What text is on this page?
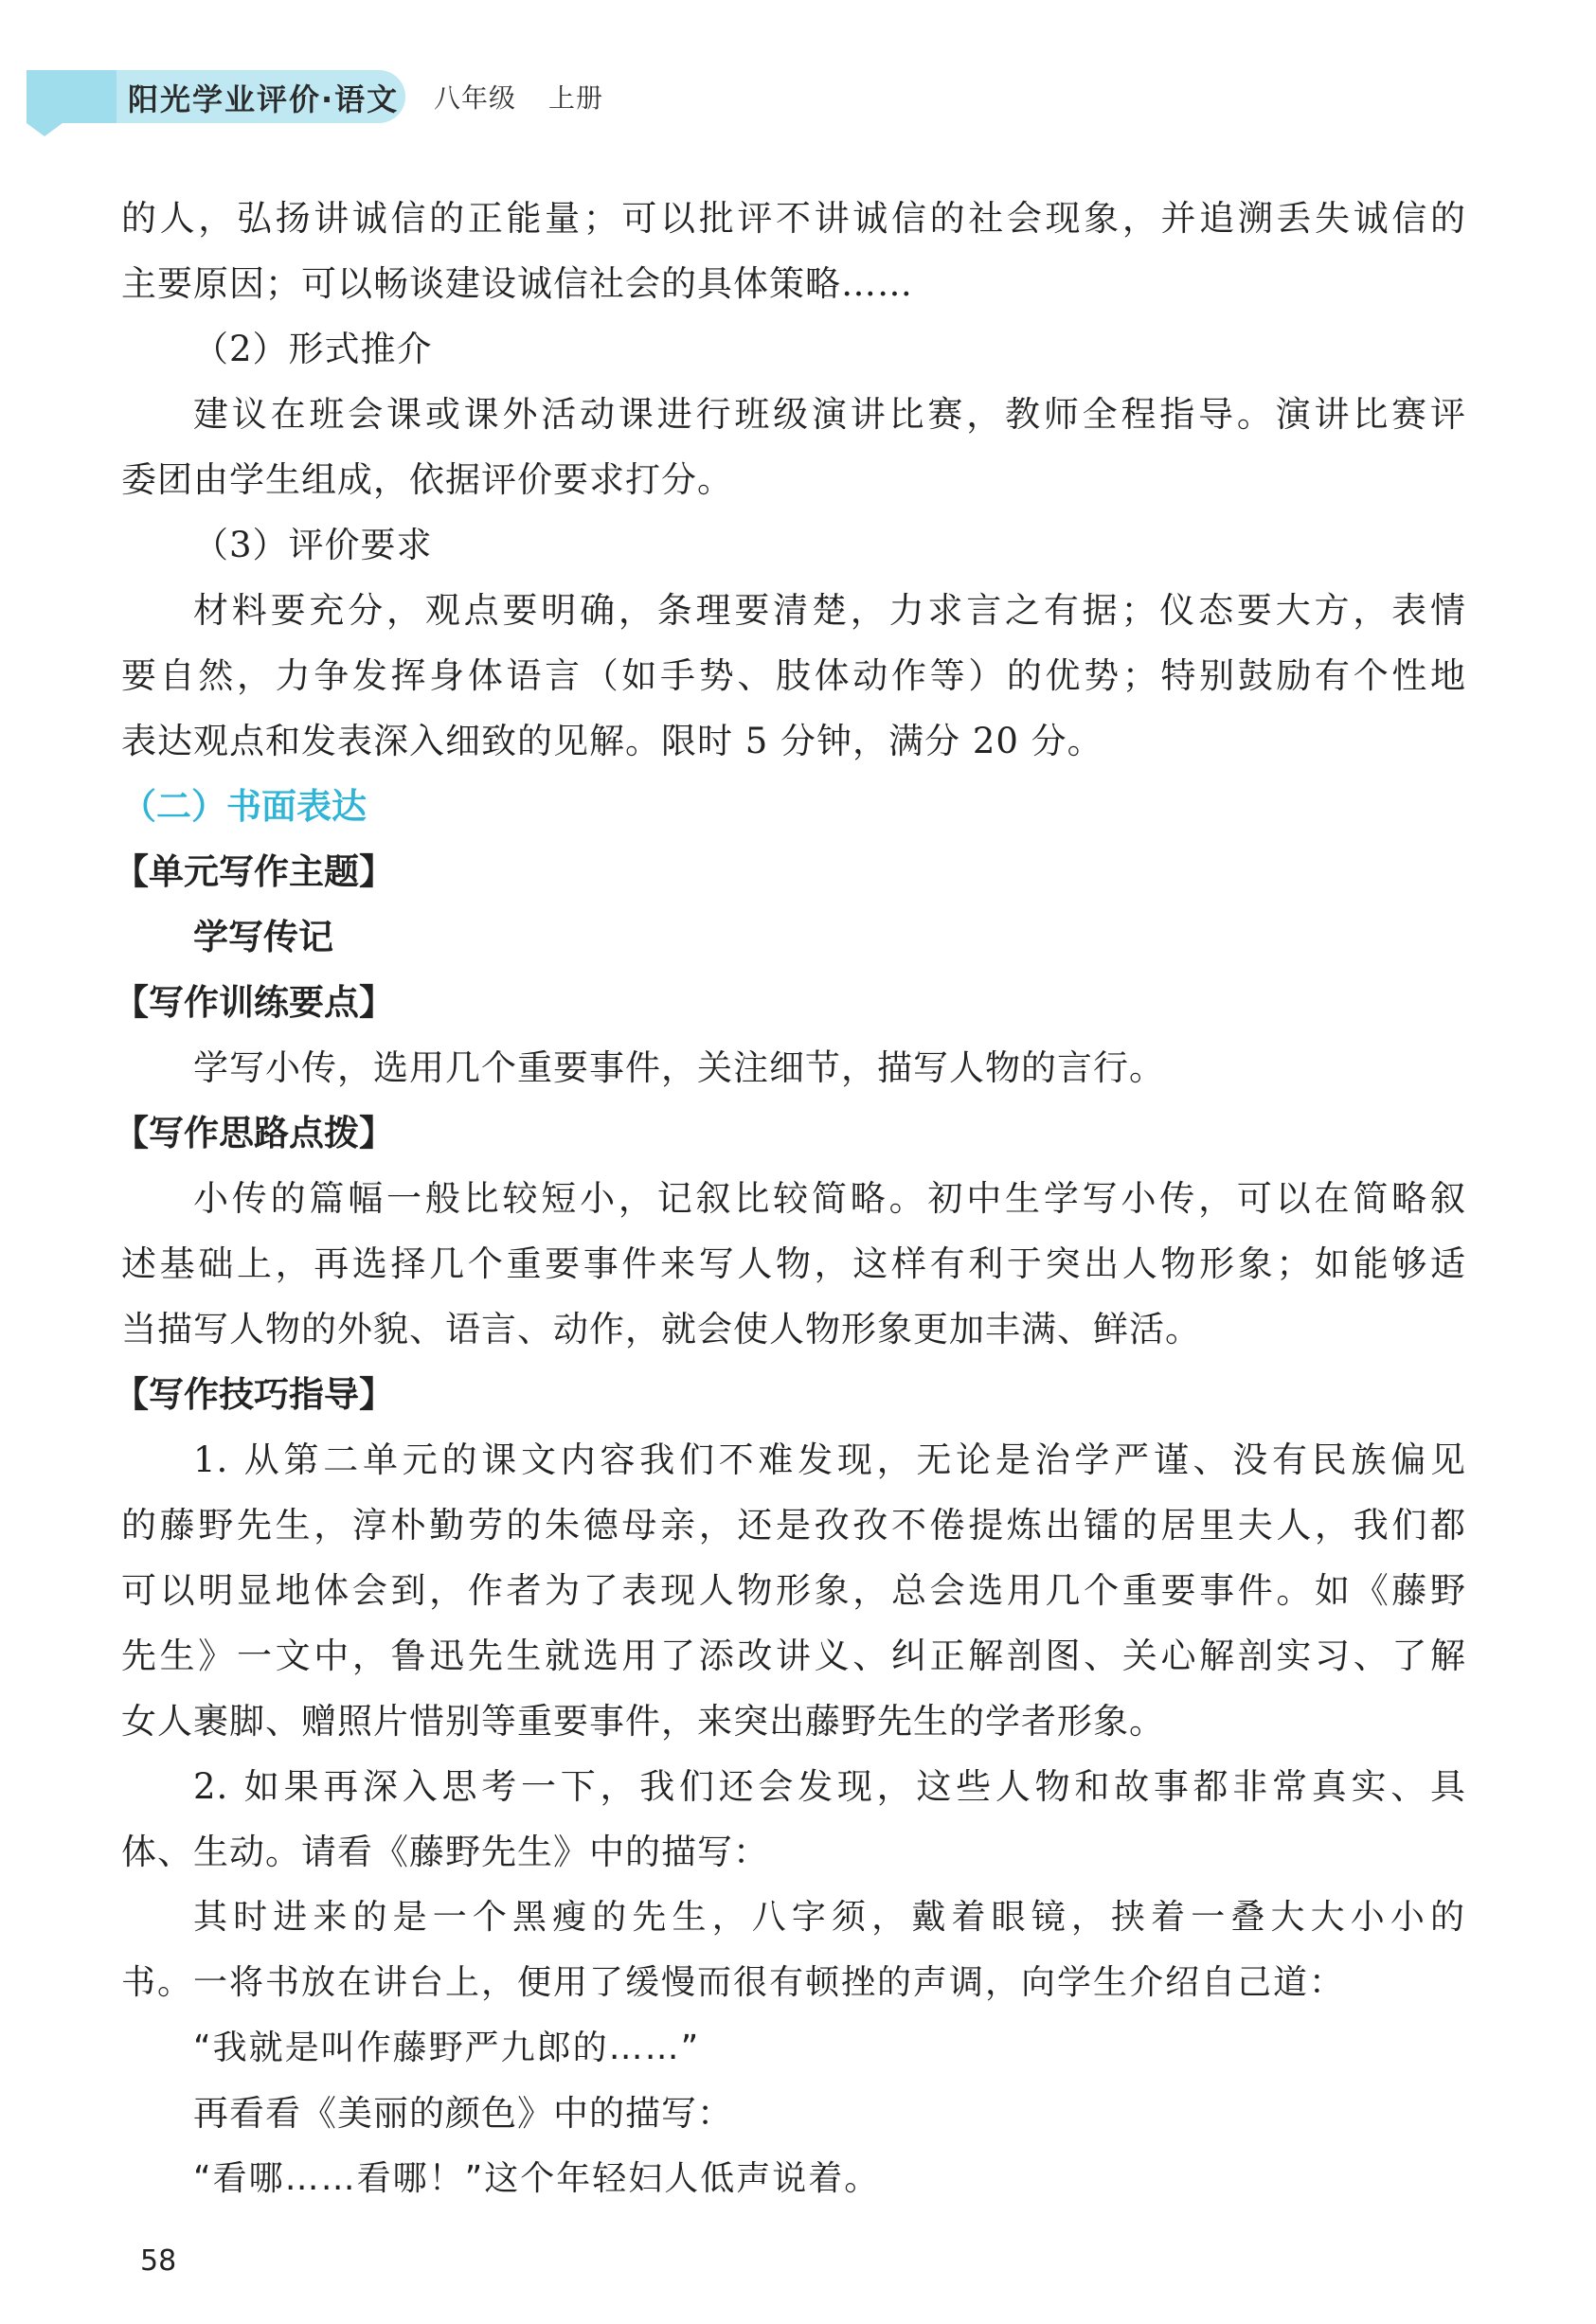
阳光学业评价·语文 八年级 上册
的人，弘扬讲诚信的正能量；可以批评不讲诚信的社会现象，并追溯丢失诚信的
主要原因；可以畅谈建设诚信社会的具体策略……
（2）形式推介
建议在班会课或课外活动课进行班级演讲比赛，教师全程指导。演讲比赛评
委团由学生组成，依据评价要求打分。
（3）评价要求
材料要充分，观点要明确，条理要清楚，力求言之有据；仪态要大方，表情
要自然，力争发挥身体语言（如手势、肢体动作等）的优势；特别鼓励有个性地
表达观点和发表深入细致的见解。限时 5 分钟，满分 20 分。
（二）书面表达
【单元写作主题】
学写传记
【写作训练要点】
学写小传，选用几个重要事件，关注细节，描写人物的言行。
【写作思路点拨】
小传的篇幅一般比较短小，记叙比较简略。初中生学写小传，可以在简略叙
述基础上，再选择几个重要事件来写人物，这样有利于突出人物形象；如能够适
当描写人物的外貌、语言、动作，就会使人物形象更加丰满、鲜活。
【写作技巧指导】
1. 从第二单元的课文内容我们不难发现，无论是治学严谨、没有民族偏见
的藤野先生，淳朴勤劳的朱德母亲，还是孜孜不倦提炼出镭的居里夫人，我们都
可以明显地体会到，作者为了表现人物形象，总会选用几个重要事件。如《藤野
先生》一文中，鲁迅先生就选用了添改讲义、纠正解剖图、关心解剖实习、了解
女人裹脚、赠照片惜别等重要事件，来突出藤野先生的学者形象。
2. 如果再深入思考一下，我们还会发现，这些人物和故事都非常真实、具
体、生动。请看《藤野先生》中的描写：
其时进来的是一个黑瘦的先生，八字须，戴着眼镜，挟着一叠大大小小的
书。一将书放在讲台上，便用了缓慢而很有顿挫的声调，向学生介绍自己道：
“我就是叫作藤野严九郎的……”
再看看《美丽的颜色》中的描写：
“看哪……看哪！”这个年轻妇人低声说着。
58
